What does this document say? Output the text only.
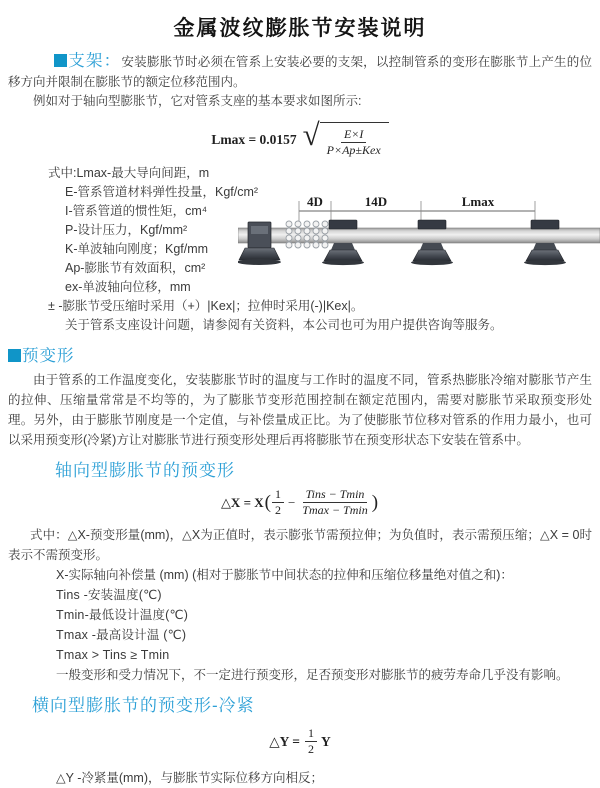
金属波纹膨胀节安装说明

支架：安装膨胀节时必须在管系上安装必要的支架，以控制管系的变形在膨胀节上产生的位移方向并限制在膨胀节的额定位移范围内。

例如对于轴向型膨胀节，它对管系支座的基本要求如图所示:

Lmax = 0.0157 √ $\frac{E\times I}{\text{P×Ap±Kex}}$
式中:Lmax-最大导向间距，m
E-管系管道材料弹性投量，Kgf/cm²
I-管系管道的惯性矩，cm⁴
P-设计压力，Kgf/mm²
K-单波轴向刚度；Kgf/mm
Ap-膨胀节有效面积，cm²
ex-单波轴向位移，mm
4D	14D	Lmax

± -膨胀节受压缩时采用（+）|Kex|；拉伸时采用(-)|Kex|。

关于管系支座设计问题，请参阅有关资料，本公司也可为用户提供咨询等服务。

预变形

由于管系的工作温度变化，安装膨胀节时的温度与工作时的温度不同，管系热膨胀冷缩对膨胀节产生的拉伸、压缩量常常是不均等的，为了膨胀节变形范围控制在额定范围内，需要对膨胀节采取预变形处理。另外，由于膨胀节刚度是一个定值，与补偿量成正比。为了使膨胀节位移对管系的作用力最小，也可以采用预变形(冷紧)方让对膨胀节进行预变形处理后再将膨胀节在预变形状态下安装在管系中。

轴向型膨胀节的预变形
△X = X ( $\frac{1}{2} - \frac{\text{Tins − Tmin}}{Tmax - Tmin}$ )

式中：△X-预变形量(mm)，△X为正值时，表示膨张节需预拉伸；为负值时，表示需预压缩；△X = 0时表示不需预变形。

X-实际轴向补偿量 (mm) (相对于膨胀节中间状态的拉伸和压缩位移量绝对值之和)：

Tins -安装温度(℃)

Tmin-最低设计温度(℃)

Tmax -最高设计温 (℃)

Tmax > Tins ≥ Tmin

一般变形和受力情况下，不一定进行预变形，足否预变形对膨胀节的疲劳寿命几乎没有影响。

横向型膨胀节的预变形-冷紧
△Y = $\frac{1}{2}$ Y

△Y -冷紧量(mm)，与膨胀节实际位移方向相反；
